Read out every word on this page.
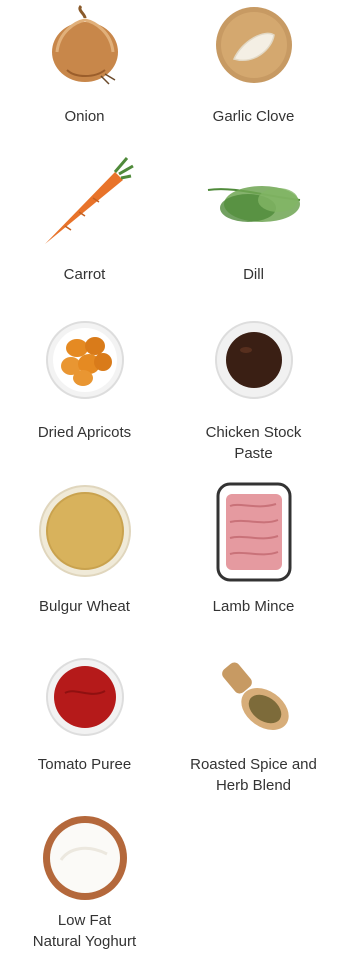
Onion	Garlic Clove
Carrot	Dill
Dried Apricots	Chicken Stock
Paste
Bulgur Wheat	Lamb Mince
Tomato Puree	Roasted Spice and
Herb Blend
Low Fat
Natural Yoghurt
